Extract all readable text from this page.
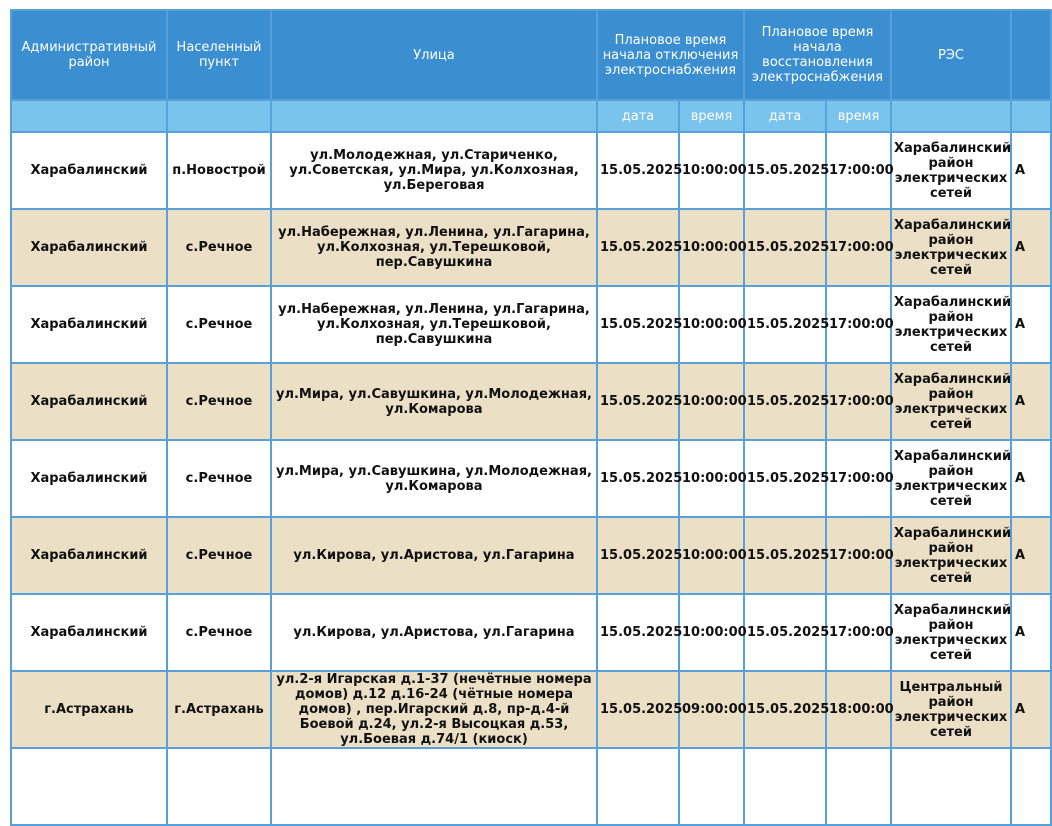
Административный район	Населенный пункт	Улица	Плановое время начала отключения электроснабжения		Плановое время начала восстановления электроснабжения		РЭС	
			дата	время	дата	время		
Харабалинский	п.Новострой	ул.Молодежная, ул.Стариченко, ул.Советская, ул.Мира, ул.Колхозная, ул.Береговая	15.05.2025	10:00:00	15.05.2025	17:00:00	Харабалинский район электрических сетей	А
Харабалинский	с.Речное	ул.Набережная, ул.Ленина, ул.Гагарина, ул.Колхозная, ул.Терешковой, пер.Савушкина	15.05.2025	10:00:00	15.05.2025	17:00:00	Харабалинский район электрических сетей	А
Харабалинский	с.Речное	ул.Набережная, ул.Ленина, ул.Гагарина, ул.Колхозная, ул.Терешковой, пер.Савушкина	15.05.2025	10:00:00	15.05.2025	17:00:00	Харабалинский район электрических сетей	А
Харабалинский	с.Речное	ул.Мира, ул.Савушкина, ул.Молодежная, ул.Комарова	15.05.2025	10:00:00	15.05.2025	17:00:00	Харабалинский район электрических сетей	А
Харабалинский	с.Речное	ул.Мира, ул.Савушкина, ул.Молодежная, ул.Комарова	15.05.2025	10:00:00	15.05.2025	17:00:00	Харабалинский район электрических сетей	А
Харабалинский	с.Речное	ул.Кирова, ул.Аристова, ул.Гагарина	15.05.2025	10:00:00	15.05.2025	17:00:00	Харабалинский район электрических сетей	А
Харабалинский	с.Речное	ул.Кирова, ул.Аристова, ул.Гагарина	15.05.2025	10:00:00	15.05.2025	17:00:00	Харабалинский район электрических сетей	А
г.Астрахань	г.Астрахань	ул.2-я Игарская д.1-37 (нечётные номера домов) д.12 д.16-24 (чётные номера домов) , пер.Игарский д.8, пр-д.4-й Боевой д.24, ул.2-я Высоцкая д.53, ул.Боевая д.74/1 (киоск)	15.05.2025	09:00:00	15.05.2025	18:00:00	Центральный район электрических сетей	А
